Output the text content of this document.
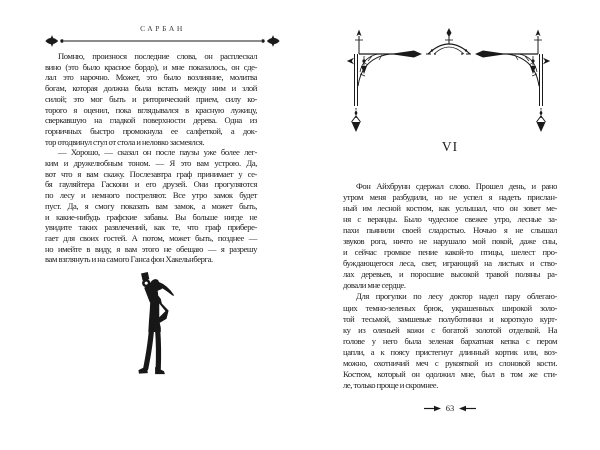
САРБАН
Помню, произнося последние слова, он расплескал
вино (это было красное бордо), и мне показалось, он сде-
лал это нарочно. Может, это было возлияние, молитва
богам, которая должна была встать между ним и злой
силой; это мог быть и риторический прием, силу ко-
торого я оценил, пока вглядывался в красную лужицу,
сверкавшую на гладкой поверхности дерева. Одна из
горничных быстро промокнула ее салфеткой, а док-
тор отодвинул стул от стола и неловко засмеялся.
— Хорошо, — сказал он после паузы уже более лег-
ким и дружелюбным тоном. — Я это вам устрою. Да,
вот что я вам скажу. Послезавтра граф принимает у се-
бя гауляйтера Гаскони и его друзей. Они прогуляются
по лесу и немного постреляют. Все утро замок будет
пуст. Да, я смогу показать вам замок, а может быть,
и какие-нибудь графские забавы. Вы больше нигде не
увидите таких развлечений, как те, что граф прибере-
гает для своих гостей. А потом, может быть, позднее —
но имейте в виду, я вам этого не обещаю — я разрешу
вам взглянуть и на самого Ганса фон Хакельнберга.
VI
Фон Айхбрунн сдержал слово. Прошел день, и рано
утром меня разбудили, но не успел я надеть прислан-
ный им лесной костюм, как услышал, что он зовет ме-
ня с веранды. Было чудесное свежее утро, лесные за-
пахи пьянили своей сладостью. Ночью я не слышал
звуков рога, ничто не нарушало мой покой, даже сны,
и сейчас громкое пение какой-то птицы, шелест про-
буждающегося леса, свет, играющий на листьях и ство-
лах деревьев, и поросшие высокой травой поляны ра-
довали мне сердце.
Для прогулки по лесу доктор надел пару облегаю-
щих темно-зеленых брюк, украшенных широкой золо-
той тесьмой, замшевые полуботинки и короткую курт-
ку из оленьей кожи с богатой золотой отделкой. На
голове у него была зеленая бархатная кепка с пером
цапли, а к поясу пристегнут длинный кортик или, воз-
можно, охотничий меч с рукояткой из слоновой кости.
Костюм, который он одолжил мне, был в том же сти-
ле, только проще и скромнее.
63
